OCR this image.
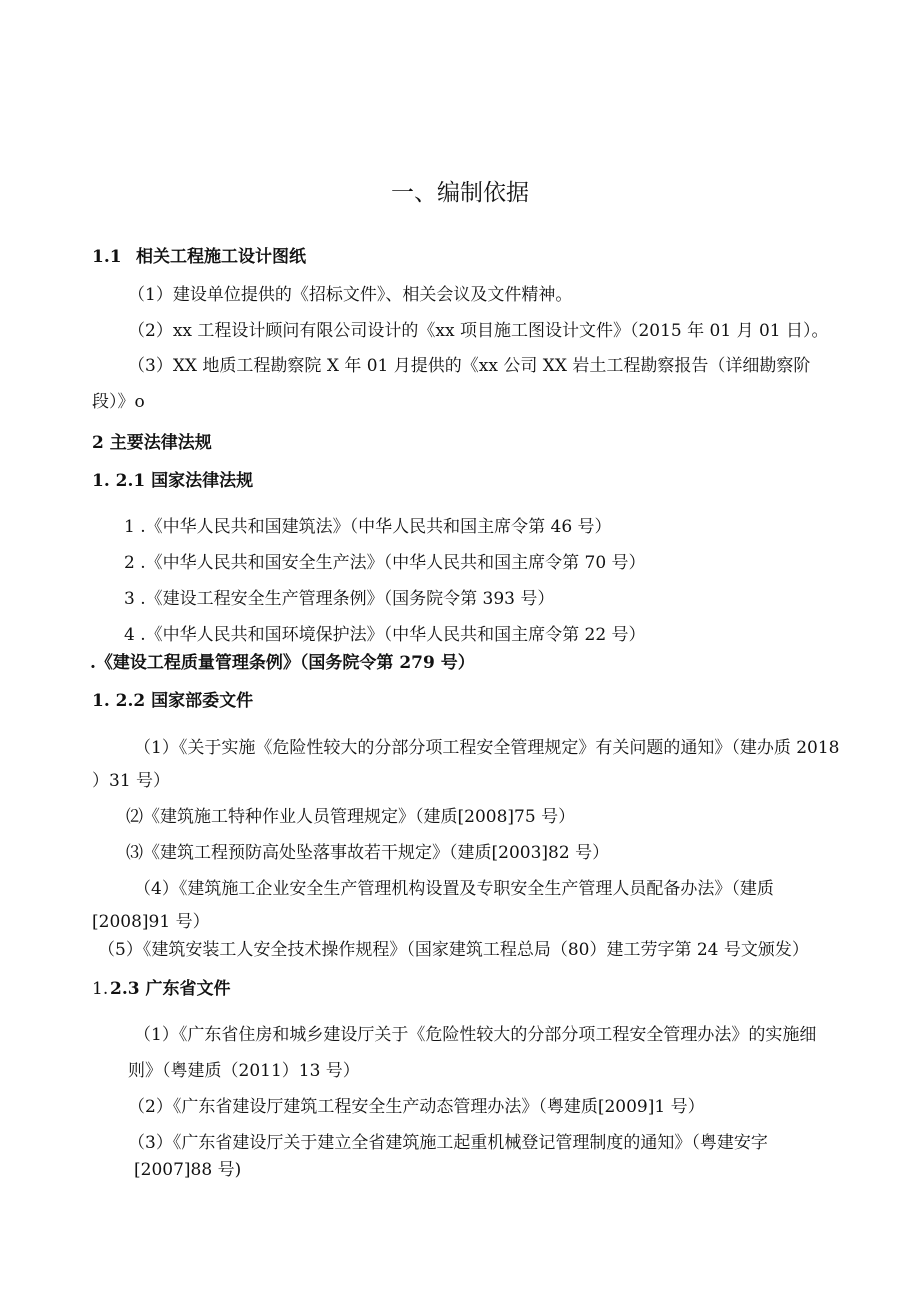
一、编制依据
1.1 相关工程施工设计图纸
（1）建设单位提供的《招标文件》、相关会议及文件精神。
（2）xx 工程设计顾问有限公司设计的《xx 项目施工图设计文件》（2015 年 01 月 01 日）。
（3）XX 地质工程勘察院 X 年 01 月提供的《xx 公司 XX 岩土工程勘察报告（详细勘察阶
段）》o
2 主要法律法规
1. 2.1 国家法律法规
1 .《中华人民共和国建筑法》（中华人民共和国主席令第 46 号）
2 .《中华人民共和国安全生产法》（中华人民共和国主席令第 70 号）
3 .《建设工程安全生产管理条例》（国务院令第 393 号）
4 .《中华人民共和国环境保护法》（中华人民共和国主席令第 22 号）
.《建设工程质量管理条例》（国务院令第 279 号）
1. 2.2 国家部委文件
（1）《关于实施《危险性较大的分部分项工程安全管理规定》有关问题的通知》（建办质 2018
）31 号）
⑵《建筑施工特种作业人员管理规定》（建质[2008]75 号）
⑶《建筑工程预防高处坠落事故若干规定》（建质[2003]82 号）
（4）《建筑施工企业安全生产管理机构设置及专职安全生产管理人员配备办法》（建质
[2008]91 号）
（5）《建筑安装工人安全技术操作规程》（国家建筑工程总局（80）建工劳字第 24 号文颁发）
1. 2.3 广东省文件
（1）《广东省住房和城乡建设厅关于《危险性较大的分部分项工程安全管理办法》的实施细
则》（粤建质（2011）13 号）
（2）《广东省建设厅建筑工程安全生产动态管理办法》（粤建质[2009]1 号）
（3）《广东省建设厅关于建立全省建筑施工起重机械登记管理制度的通知》（粤建安字
[2007]88 号)
